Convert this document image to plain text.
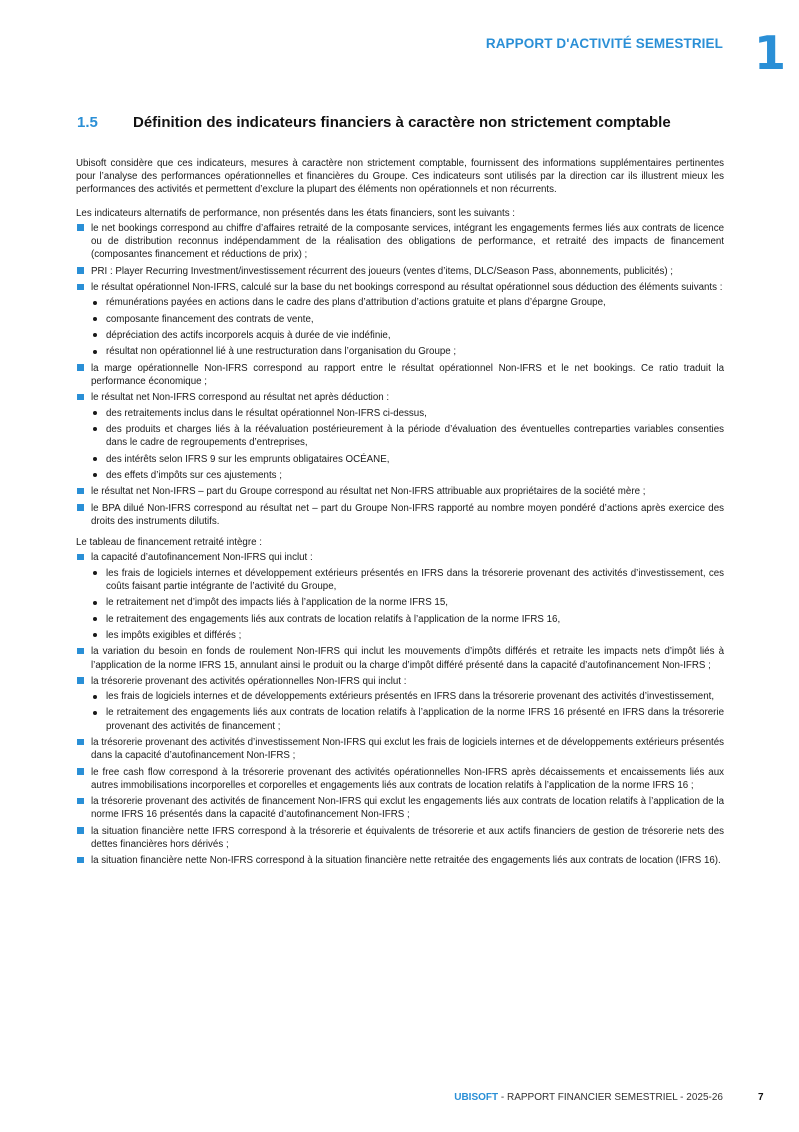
RAPPORT D'ACTIVITÉ SEMESTRIEL 1
1.5	Définition des indicateurs financiers à caractère non strictement comptable

Ubisoft considère que ces indicateurs, mesures à caractère non strictement comptable, fournissent des informations supplémentaires pertinentes pour l’analyse des performances opérationnelles et financières du Groupe. Ces indicateurs sont utilisés par la direction car ils illustrent mieux les performances des activités et permettent d’exclure la plupart des éléments non opérationnels et non récurrents.

Les indicateurs alternatifs de performance, non présentés dans les états financiers, sont les suivants :

le net bookings correspond au chiffre d’affaires retraité de la composante services, intégrant les engagements fermes liés aux contrats de licence ou de distribution reconnus indépendamment de la réalisation des obligations de performance, et retraité des impacts de financement (composantes financement et réductions de prix) ;
PRI : Player Recurring Investment/investissement récurrent des joueurs (ventes d’items, DLC/Season Pass, abonnements, publicités) ;
le résultat opérationnel Non-IFRS, calculé sur la base du net bookings correspond au résultat opérationnel sous déduction des éléments suivants :
rémunérations payées en actions dans le cadre des plans d’attribution d’actions gratuite et plans d’épargne Groupe,
composante financement des contrats de vente,
dépréciation des actifs incorporels acquis à durée de vie indéfinie,
résultat non opérationnel lié à une restructuration dans l’organisation du Groupe ;
la marge opérationnelle Non-IFRS correspond au rapport entre le résultat opérationnel Non-IFRS et le net bookings. Ce ratio traduit la performance économique ;
le résultat net Non-IFRS correspond au résultat net après déduction :
des retraitements inclus dans le résultat opérationnel Non-IFRS ci-dessus,
des produits et charges liés à la réévaluation postérieurement à la période d’évaluation des éventuelles contreparties variables consenties dans le cadre de regroupements d’entreprises,
des intérêts selon IFRS 9 sur les emprunts obligataires OCÉANE,
des effets d’impôts sur ces ajustements ;
le résultat net Non-IFRS – part du Groupe correspond au résultat net Non-IFRS attribuable aux propriétaires de la société mère ;
le BPA dilué Non-IFRS correspond au résultat net – part du Groupe Non-IFRS rapporté au nombre moyen pondéré d’actions après exercice des droits des instruments dilutifs.

Le tableau de financement retraité intègre :

la capacité d’autofinancement Non-IFRS qui inclut :
les frais de logiciels internes et développement extérieurs présentés en IFRS dans la trésorerie provenant des activités d’investissement, ces coûts faisant partie intégrante de l’activité du Groupe,
le retraitement net d’impôt des impacts liés à l’application de la norme IFRS 15,
le retraitement des engagements liés aux contrats de location relatifs à l’application de la norme IFRS 16,
les impôts exigibles et différés ;
la variation du besoin en fonds de roulement Non-IFRS qui inclut les mouvements d’impôts différés et retraite les impacts nets d’impôt liés à l’application de la norme IFRS 15, annulant ainsi le produit ou la charge d’impôt différé présenté dans la capacité d’autofinancement Non-IFRS ;
la trésorerie provenant des activités opérationnelles Non-IFRS qui inclut :
les frais de logiciels internes et de développements extérieurs présentés en IFRS dans la trésorerie provenant des activités d’investissement,
le retraitement des engagements liés aux contrats de location relatifs à l’application de la norme IFRS 16 présenté en IFRS dans la trésorerie provenant des activités de financement ;
la trésorerie provenant des activités d’investissement Non-IFRS qui exclut les frais de logiciels internes et de développements extérieurs présentés dans la capacité d’autofinancement Non-IFRS ;
le free cash flow correspond à la trésorerie provenant des activités opérationnelles Non-IFRS après décaissements et encaissements liés aux autres immobilisations incorporelles et corporelles et engagements liés aux contrats de location relatifs à l’application de la norme IFRS 16 ;
la trésorerie provenant des activités de financement Non-IFRS qui exclut les engagements liés aux contrats de location relatifs à l’application de la norme IFRS 16 présentés dans la capacité d’autofinancement Non-IFRS ;
la situation financière nette IFRS correspond à la trésorerie et équivalents de trésorerie et aux actifs financiers de gestion de trésorerie nets des dettes financières hors dérivés ;
la situation financière nette Non-IFRS correspond à la situation financière nette retraitée des engagements liés aux contrats de location (IFRS 16).
UBISOFT - RAPPORT FINANCIER SEMESTRIEL - 2025-26	7
